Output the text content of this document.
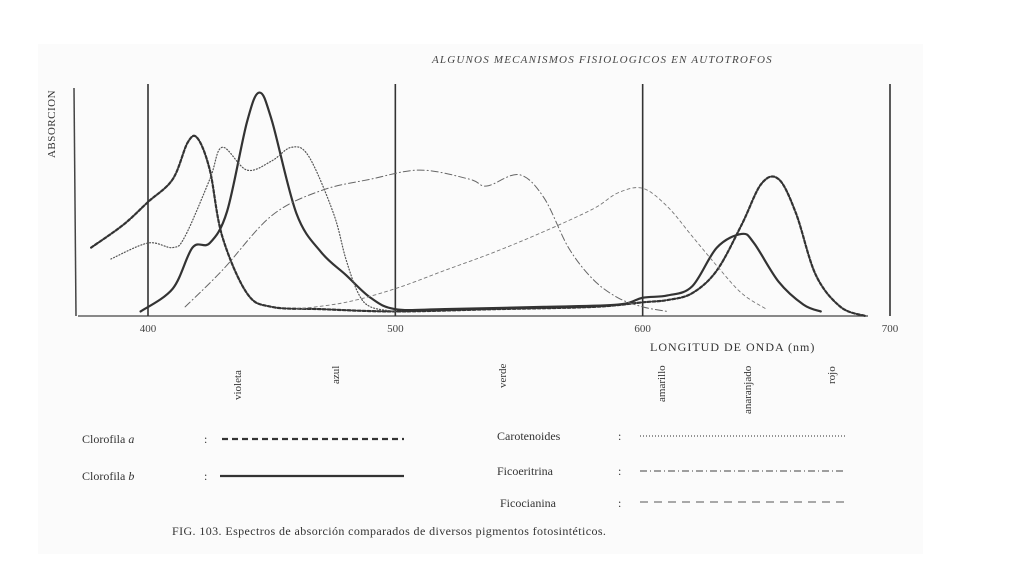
ALGUNOS MECANISMOS FISIOLOGICOS EN AUTOTROFOS
ABSORCION
LONGITUD DE ONDA (nm)
400	500	600	700
violeta	azul	verde	amarillo	anaranjado	rojo
Clorofila a	:
Clorofila b	:
Carotenoides	:
Ficoeritrina	:
Ficocianina	:
FIG. 103. Espectros de absorción comparados de diversos pigmentos fotosintéticos.
